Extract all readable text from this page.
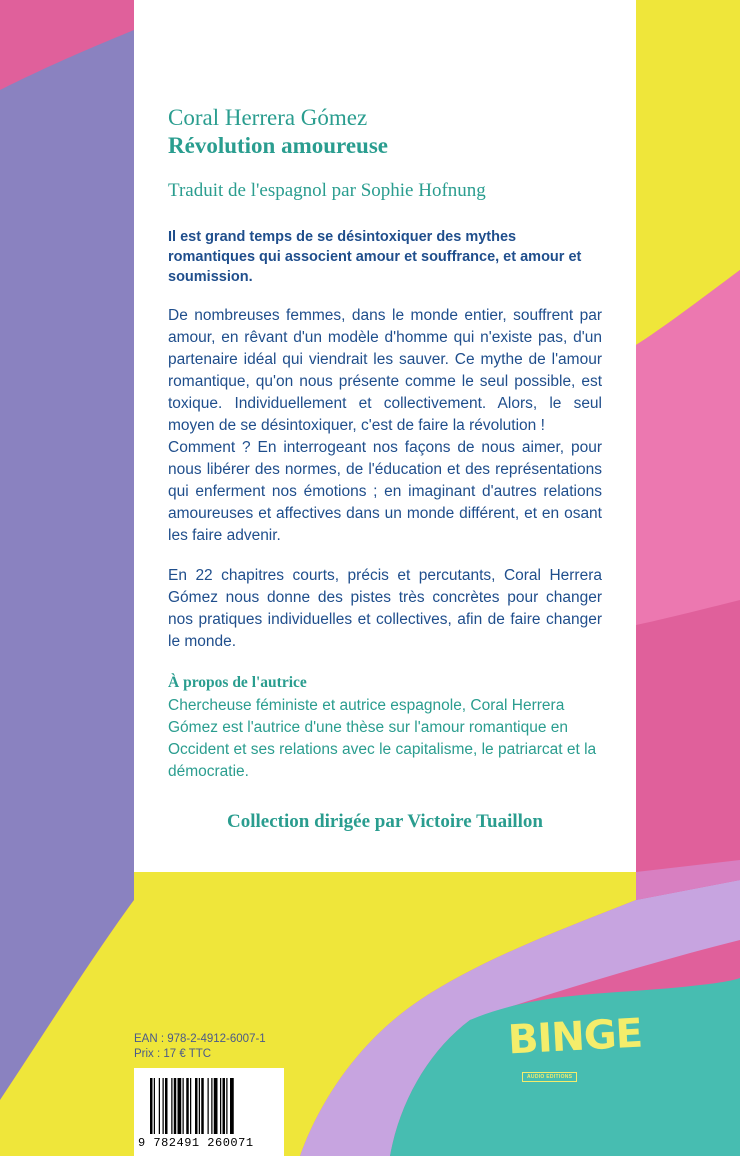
Coral Herrera Gómez
Révolution amoureuse
Traduit de l'espagnol par Sophie Hofnung
Il est grand temps de se désintoxiquer des mythes romantiques qui associent amour et souffrance, et amour et soumission.

De nombreuses femmes, dans le monde entier, souffrent par amour, en rêvant d'un modèle d'homme qui n'existe pas, d'un partenaire idéal qui viendrait les sauver. Ce mythe de l'amour romantique, qu'on nous présente comme le seul possible, est toxique. Individuellement et collectivement. Alors, le seul moyen de se désintoxiquer, c'est de faire la révolution !

Comment ? En interrogeant nos façons de nous aimer, pour nous libérer des normes, de l'éducation et des représentations qui enferment nos émotions ; en imaginant d'autres relations amoureuses et affectives dans un monde différent, et en osant les faire advenir.

En 22 chapitres courts, précis et percutants, Coral Herrera Gómez nous donne des pistes très concrètes pour changer nos pratiques individuelles et collectives, afin de faire changer le monde.
À propos de l'autrice
Chercheuse féministe et autrice espagnole, Coral Herrera Gómez est l'autrice d'une thèse sur l'amour romantique en Occident et ses relations avec le capitalisme, le patriarcat et la démocratie.
Collection dirigée par Victoire Tuaillon
EAN : 978-2-4912-6007-1
Prix : 17 € TTC
9 782491 260071
BINGE
AUDIO EDITIONS
